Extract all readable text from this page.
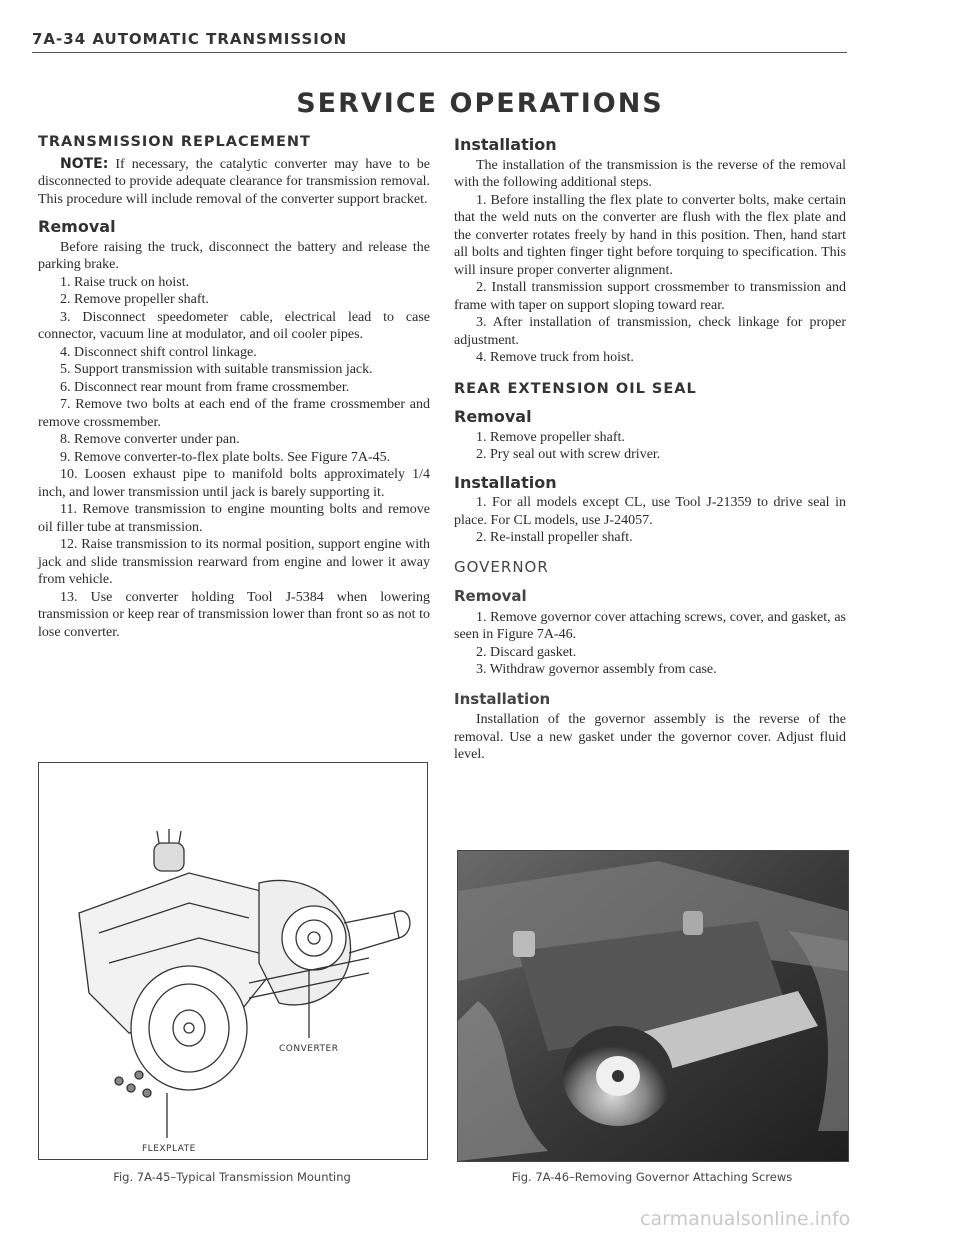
7A-34 AUTOMATIC TRANSMISSION
SERVICE OPERATIONS
TRANSMISSION REPLACEMENT

NOTE: If necessary, the catalytic converter may have to be disconnected to provide adequate clearance for transmission removal. This procedure will include removal of the converter support bracket.

Removal

Before raising the truck, disconnect the battery and release the parking brake.

1. Raise truck on hoist.

2. Remove propeller shaft.

3. Disconnect speedometer cable, electrical lead to case connector, vacuum line at modulator, and oil cooler pipes.

4. Disconnect shift control linkage.

5. Support transmission with suitable transmission jack.

6. Disconnect rear mount from frame crossmember.

7. Remove two bolts at each end of the frame crossmember and remove crossmember.

8. Remove converter under pan.

9. Remove converter-to-flex plate bolts. See Figure 7A-45.

10. Loosen exhaust pipe to manifold bolts approximately 1/4 inch, and lower transmission until jack is barely supporting it.

11. Remove transmission to engine mounting bolts and remove oil filler tube at transmission.

12. Raise transmission to its normal position, support engine with jack and slide transmission rearward from engine and lower it away from vehicle.

13. Use converter holding Tool J-5384 when lowering transmission or keep rear of transmission lower than front so as not to lose converter.

Installation

The installation of the transmission is the reverse of the removal with the following additional steps.

1. Before installing the flex plate to converter bolts, make certain that the weld nuts on the converter are flush with the flex plate and the converter rotates freely by hand in this position. Then, hand start all bolts and tighten finger tight before torquing to specification. This will insure proper converter alignment.

2. Install transmission support crossmember to transmission and frame with taper on support sloping toward rear.

3. After installation of transmission, check linkage for proper adjustment.

4. Remove truck from hoist.

REAR EXTENSION OIL SEAL
Removal

1. Remove propeller shaft.

2. Pry seal out with screw driver.

Installation

1. For all models except CL, use Tool J-21359 to drive seal in place. For CL models, use J-24057.

2. Re-install propeller shaft.

GOVERNOR
Removal

1. Remove governor cover attaching screws, cover, and gasket, as seen in Figure 7A-46.

2. Discard gasket.

3. Withdraw governor assembly from case.

Installation

Installation of the governor assembly is the reverse of the removal. Use a new gasket under the governor cover. Adjust fluid level.

CONVERTER
FLEXPLATE
Fig. 7A-45–Typical Transmission Mounting	Fig. 7A-46–Removing Governor Attaching Screws
carmanualsonline.info
